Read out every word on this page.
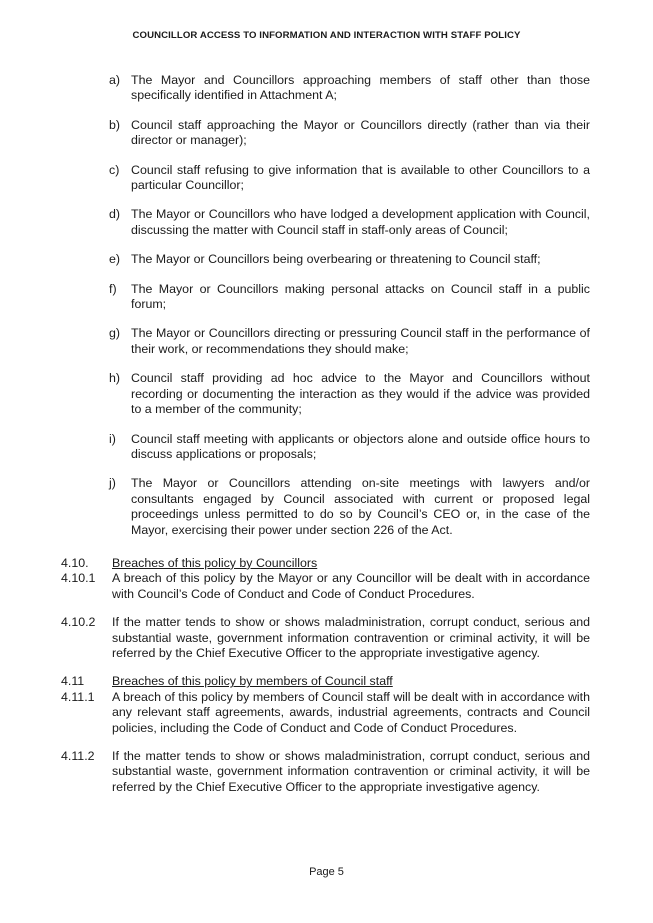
COUNCILLOR ACCESS TO INFORMATION AND INTERACTION WITH STAFF POLICY
a) The Mayor and Councillors approaching members of staff other than those specifically identified in Attachment A;
b) Council staff approaching the Mayor or Councillors directly (rather than via their director or manager);
c) Council staff refusing to give information that is available to other Councillors to a particular Councillor;
d) The Mayor or Councillors who have lodged a development application with Council, discussing the matter with Council staff in staff-only areas of Council;
e) The Mayor or Councillors being overbearing or threatening to Council staff;
f) The Mayor or Councillors making personal attacks on Council staff in a public forum;
g) The Mayor or Councillors directing or pressuring Council staff in the performance of their work, or recommendations they should make;
h) Council staff providing ad hoc advice to the Mayor and Councillors without recording or documenting the interaction as they would if the advice was provided to a member of the community;
i) Council staff meeting with applicants or objectors alone and outside office hours to discuss applications or proposals;
j) The Mayor or Councillors attending on-site meetings with lawyers and/or consultants engaged by Council associated with current or proposed legal proceedings unless permitted to do so by Council’s CEO or, in the case of the Mayor, exercising their power under section 226 of the Act.
4.10. Breaches of this policy by Councillors
4.10.1 A breach of this policy by the Mayor or any Councillor will be dealt with in accordance with Council’s Code of Conduct and Code of Conduct Procedures.
4.10.2 If the matter tends to show or shows maladministration, corrupt conduct, serious and substantial waste, government information contravention or criminal activity, it will be referred by the Chief Executive Officer to the appropriate investigative agency.
4.11 Breaches of this policy by members of Council staff
4.11.1 A breach of this policy by members of Council staff will be dealt with in accordance with any relevant staff agreements, awards, industrial agreements, contracts and Council policies, including the Code of Conduct and Code of Conduct Procedures.
4.11.2 If the matter tends to show or shows maladministration, corrupt conduct, serious and substantial waste, government information contravention or criminal activity, it will be referred by the Chief Executive Officer to the appropriate investigative agency.
Page 5
